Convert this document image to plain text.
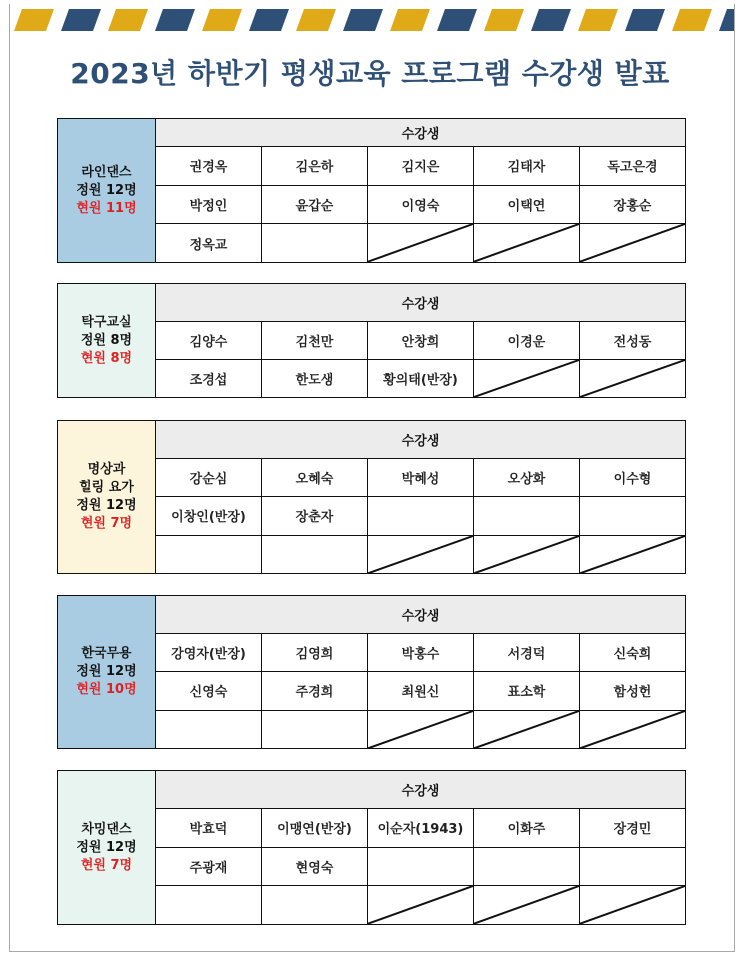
2023년 하반기 평생교육 프로그램 수강생 발표
라인댄스
정원 12명
현원 11명
수강생
권경옥	김은하	김지은	김태자	독고은경
박정인	윤갑순	이영숙	이택연	장홍순
정옥교
탁구교실
정원 8명
현원 8명
수강생
김양수	김천만	안창희	이경운	전성동
조경섭	한도생	황의태(반장)
명상과
힐링 요가
정원 12명
현원 7명
수강생
강순심	오혜숙	박혜성	오상화	이수형
이창인(반장)	장춘자
한국무용
정원 12명
현원 10명
수강생
강영자(반장)	김영희	박홍수	서경덕	신숙희
신영숙	주경희	최원신	표소학	함성헌
차밍댄스
정원 12명
현원 7명
수강생
박효덕	이맹연(반장)	이순자(1943)	이화주	장경민
주광재	현영숙
